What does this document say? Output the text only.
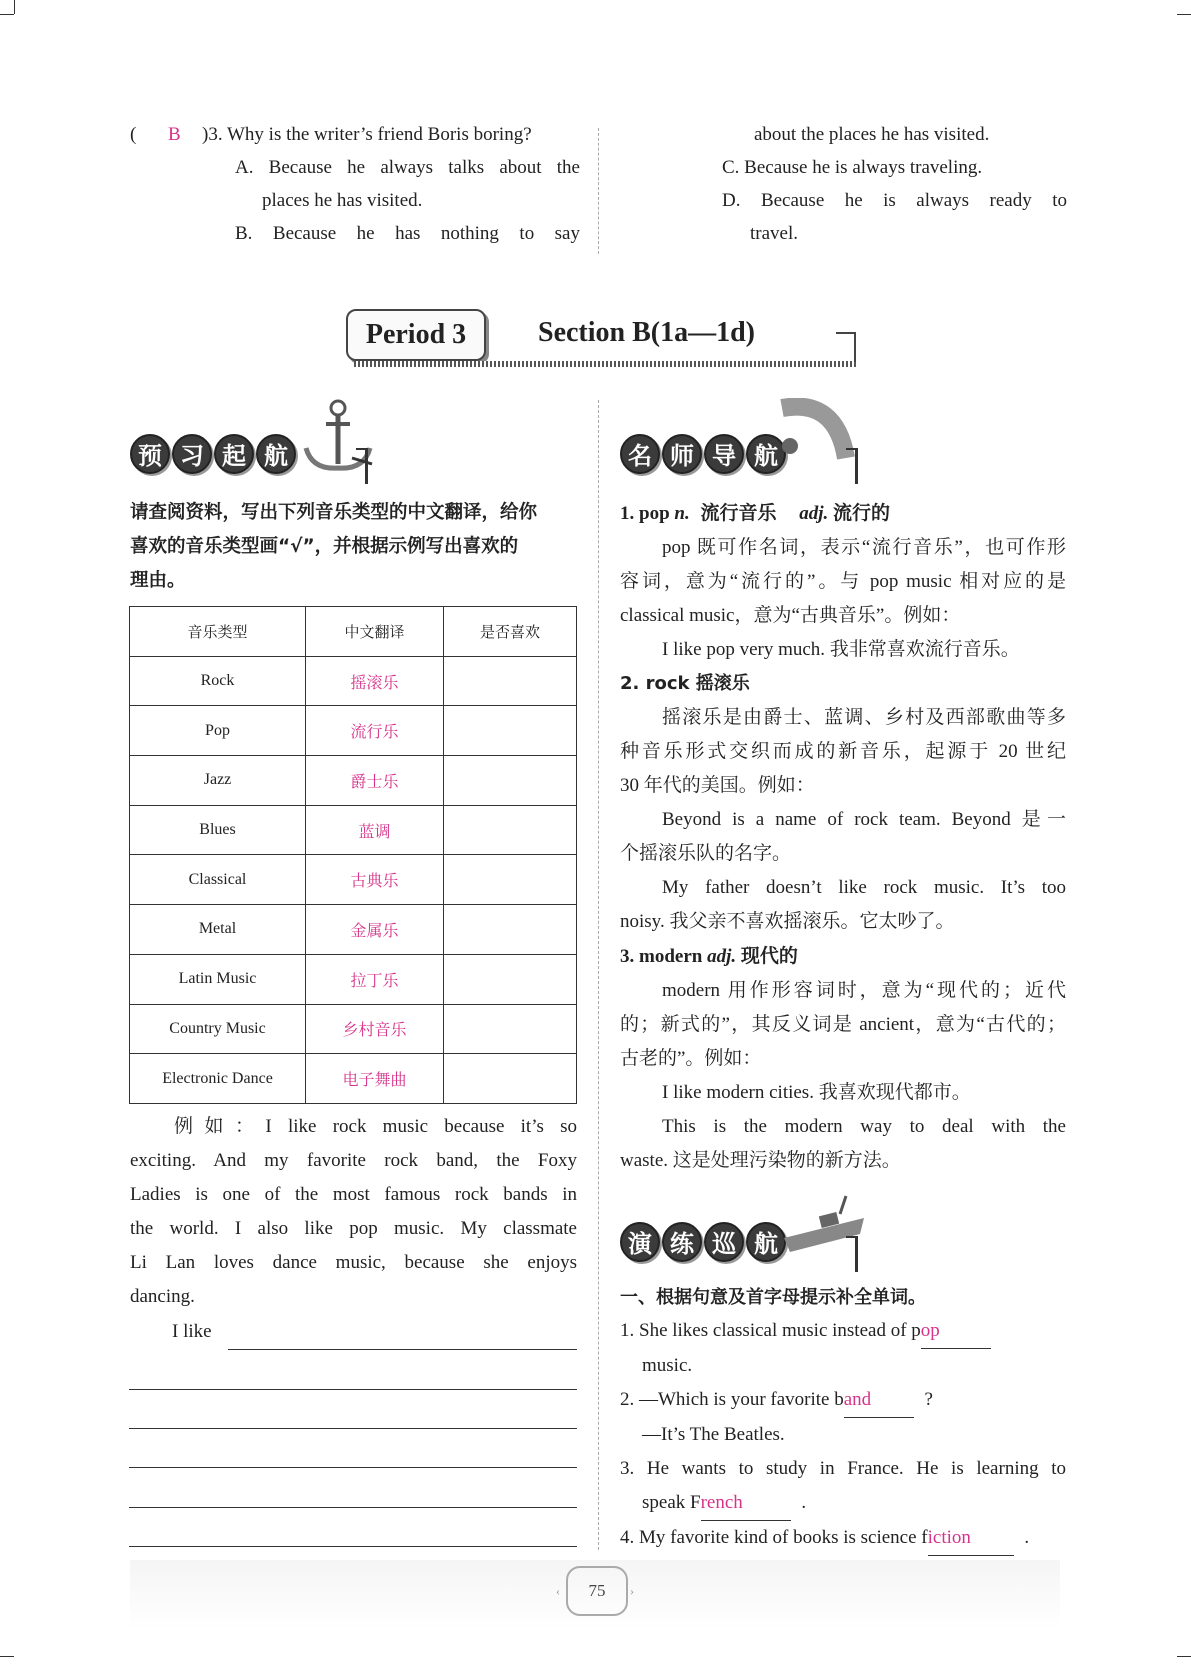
( B )3. Why is the writer’s friend Boris boring?
A. Because he always talks about the
places he has visited.
B. Because he has nothing to say
about the places he has visited.
C. Because he is always traveling.
D. Because he is always ready to
travel.
Period 3	Section B(1a—1d)
预 习 起 航
请查阅资料，写出下列音乐类型的中文翻译，给你
喜欢的音乐类型画“√”，并根据示例写出喜欢的
理由。
音乐类型	中文翻译	是否喜欢
Rock	摇滚乐	
Pop	流行乐	
Jazz	爵士乐	
Blues	蓝调	
Classical	古典乐	
Metal	金属乐	
Latin Music	拉丁乐	
Country Music	乡村音乐	
Electronic Dance	电子舞曲	
例如：I like rock music because it’s so
exciting. And my favorite rock band, the Foxy
Ladies is one of the most famous rock bands in
the world. I also like pop music. My classmate
Li Lan loves dance music, because she enjoys
dancing.
I like
名 师 导 航
1. pop n. 流行音乐 adj. 流行的
pop 既可作名词，表示“流行音乐”，也可作形
容词，意为“流行的”。与 pop music 相对应的是
classical music，意为“古典音乐”。例如：
I like pop very much. 我非常喜欢流行音乐。
2. rock 摇滚乐
摇滚乐是由爵士、蓝调、乡村及西部歌曲等多
种音乐形式交织而成的新音乐，起源于 20 世纪
30 年代的美国。例如：
Beyond is a name of rock team. Beyond 是一
个摇滚乐队的名字。
My father doesn’t like rock music. It’s too
noisy. 我父亲不喜欢摇滚乐。它太吵了。
3. modern adj. 现代的
modern 用作形容词时，意为“现代的；近代
的；新式的”，其反义词是 ancient，意为“古代的；
古老的”。例如：
I like modern cities. 我喜欢现代都市。
This is the modern way to deal with the
waste. 这是处理污染物的新方法。
演 练 巡 航
一、根据句意及首字母提示补全单词。
1. She likes classical music instead of pop
music.
2. —Which is your favorite band	?
—It’s The Beatles.
3. He wants to study in France. He is learning to
speak French	.
4. My favorite kind of books is science fiction	.
75
‹	›
